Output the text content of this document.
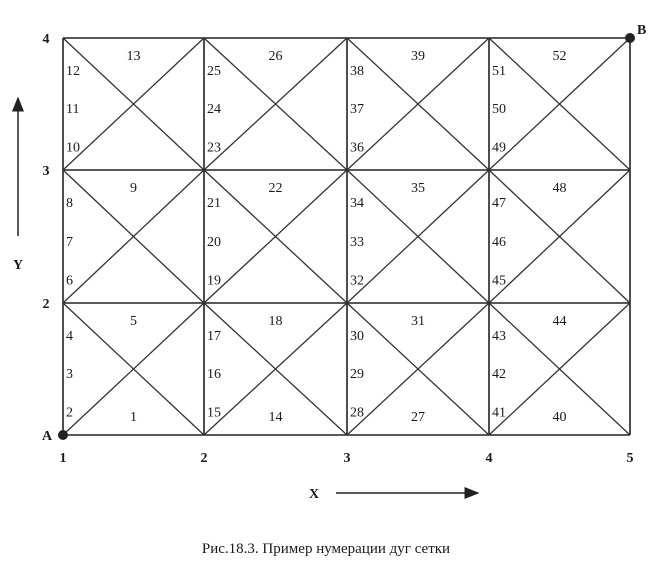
2
3
4
6
7
8
10
11
12
15
16
17
19
20
21
23
24
25
28
29
30
32
33
34
36
37
38
41
42
43
45
46
47
49
50
51
1
5
9
13
14
18
22
26
27
31
35
39
40
44
48
52
A
B
1	2	3	4	5
2
3
4
Y
X
Рис.18.3. Пример нумерации дуг сетки
